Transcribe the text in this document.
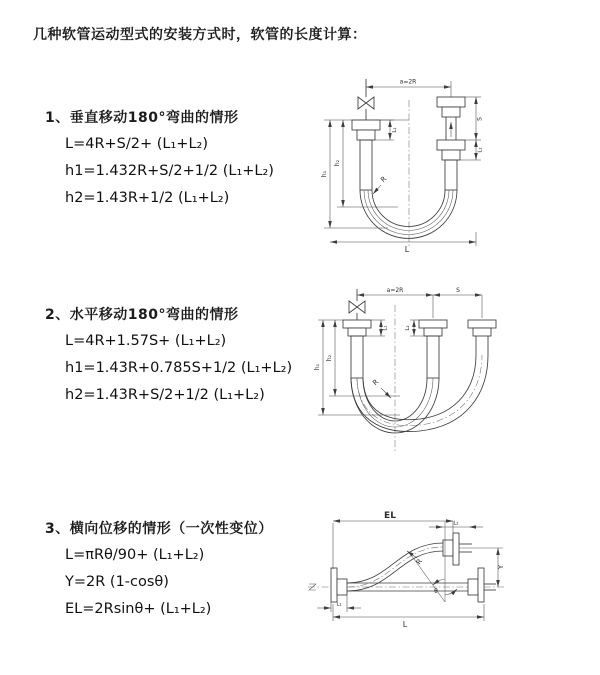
几种软管运动型式的安装方式时，软管的长度计算：
1、垂直移动180°弯曲的情形
L=4R+S/2+ (L₁+L₂)
h1=1.432R+S/2+1/2 (L₁+L₂)
h2=1.43R+1/2 (L₁+L₂)
2、水平移动180°弯曲的情形
L=4R+1.57S+ (L₁+L₂)
h1=1.43R+0.785S+1/2 (L₁+L₂)
h2=1.43R+S/2+1/2 (L₁+L₂)
3、横向位移的情形（一次性变位）
L=πRθ/90+ (L₁+L₂)
Y=2R (1-cosθ)
EL=2Rsinθ+ (L₁+L₂)
a=2R
h₁
h₂
L₁
S
L₂
R
L
a=2R	S
h₁
h₂
L₁	L₂
R
EL
L₂
θ
R
Y
L₁
L
